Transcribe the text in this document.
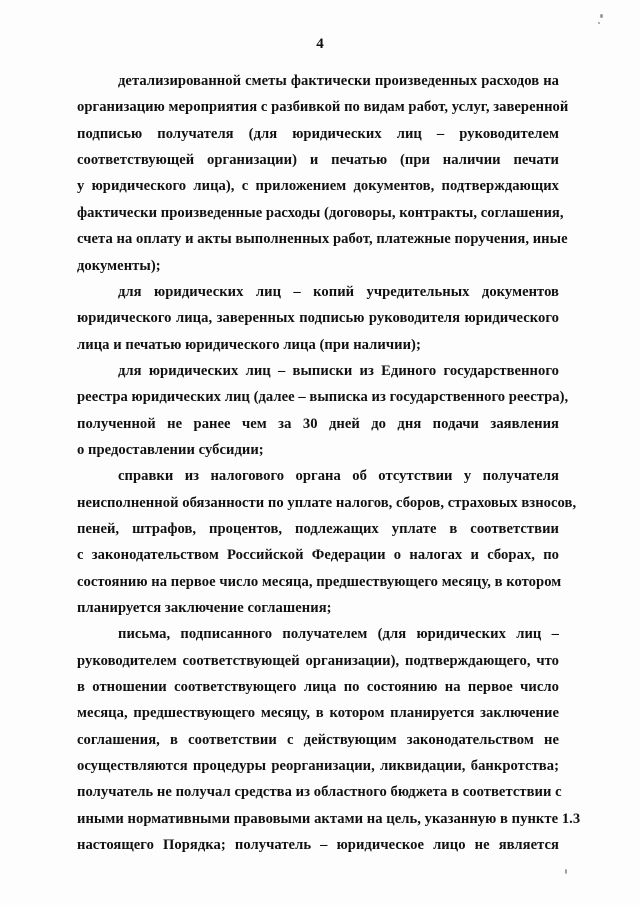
4
детализированной сметы фактически произведенных расходов на
организацию мероприятия с разбивкой по видам работ, услуг, заверенной
подписью получателя (для юридических лиц – руководителем
соответствующей организации) и печатью (при наличии печати
у юридического лица), с приложением документов, подтверждающих
фактически произведенные расходы (договоры, контракты, соглашения,
счета на оплату и акты выполненных работ, платежные поручения, иные
документы);
для юридических лиц – копий учредительных документов
юридического лица, заверенных подписью руководителя юридического
лица и печатью юридического лица (при наличии);
для юридических лиц – выписки из Единого государственного
реестра юридических лиц (далее – выписка из государственного реестра),
полученной не ранее чем за 30 дней до дня подачи заявления
о предоставлении субсидии;
справки из налогового органа об отсутствии у получателя
неисполненной обязанности по уплате налогов, сборов, страховых взносов,
пеней, штрафов, процентов, подлежащих уплате в соответствии
с законодательством Российской Федерации о налогах и сборах, по
состоянию на первое число месяца, предшествующего месяцу, в котором
планируется заключение соглашения;
письма, подписанного получателем (для юридических лиц –
руководителем соответствующей организации), подтверждающего, что
в отношении соответствующего лица по состоянию на первое число
месяца, предшествующего месяцу, в котором планируется заключение
соглашения, в соответствии с действующим законодательством не
осуществляются процедуры реорганизации, ликвидации, банкротства;
получатель не получал средства из областного бюджета в соответствии с
иными нормативными правовыми актами на цель, указанную в пункте 1.3
настоящего Порядка; получатель – юридическое лицо не является
